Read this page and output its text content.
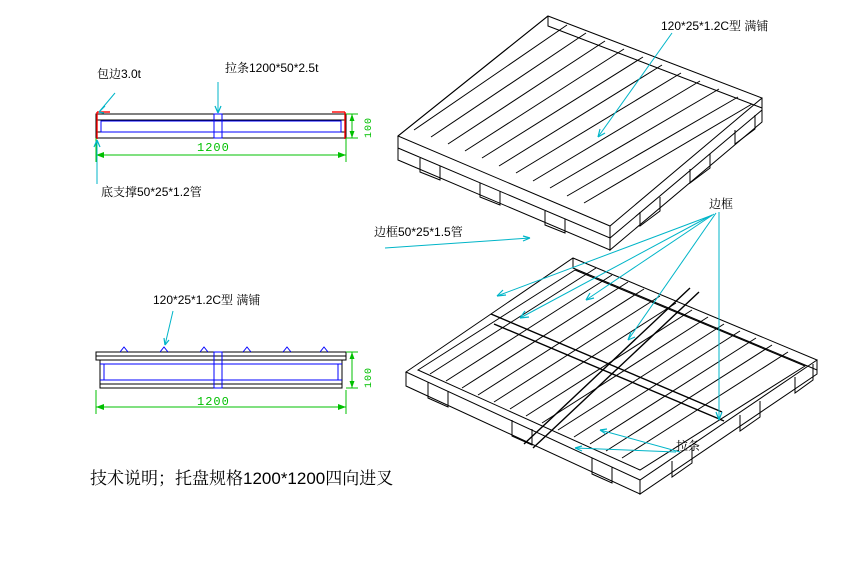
包边3.0t	拉条1200*50*2.5t
底支撑50*25*1.2管
1200
100
120*25*1.2C型 满铺
1200
100
120*25*1.2C型 满铺
边框50*25*1.5管
边框
拉条
技术说明；托盘规格1200*1200四向进叉
